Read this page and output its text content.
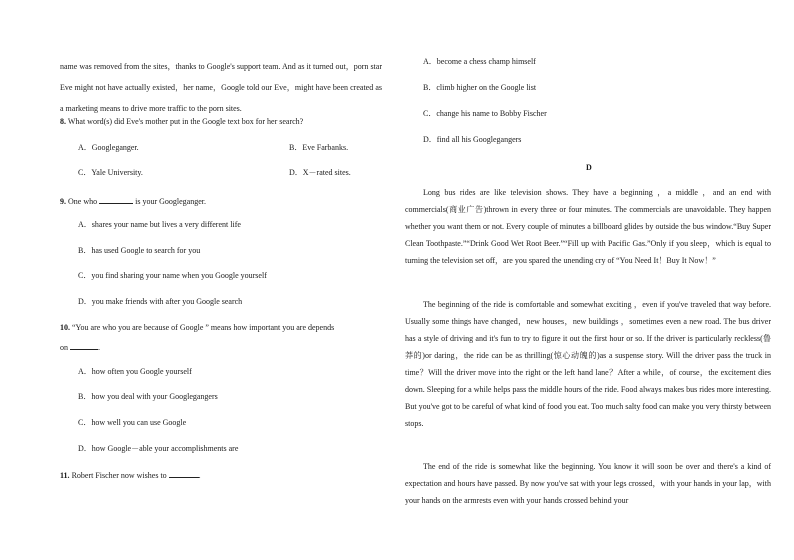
name was removed from the sites，thanks to Google's support team. And as it turned out，porn star Eve might not have actually existed，her name，Google told our Eve，might have been created as a marketing means to drive more traffic to the porn sites.
8. What word(s) did Eve's mother put in the Google text box for her search?
A．Googleganger.	B．Eve Farbanks.
C．Yale University.	D．X－rated sites.
9. One who	is your Googleganger.
A．shares your name but lives a very different life
B．has used Google to search for you
C．you find sharing your name when you Google yourself
D．you make friends with after you Google search
10. “You are who you are because of Google ” means how important you are depends
on	.
A．how often you Google yourself
B．how you deal with your Googlegangers
C．how well you can use Google
D．how Google－able your accomplishments are
11. Robert Fischer now wishes to	.
A．become a chess champ himself
B．climb higher on the Google list
C．change his name to Bobby Fischer
D．find all his Googlegangers
D
Long bus rides are like television shows. They have a beginning ，a middle ，and an end with commercials(商业广告)thrown in every three or four minutes. The commercials are unavoidable. They happen whether you want them or not. Every couple of minutes a billboard glides by outside the bus window.“Buy Super Clean Toothpaste.”“Drink Good Wet Root Beer.”“Fill up with Pacific Gas.”Only if you sleep，which is equal to turning the television set off，are you spared the unending cry of “You Need It！Buy It Now！”
The beginning of the ride is comfortable and somewhat exciting ，even if you've traveled that way before. Usually some things have changed，new houses，new buildings ，sometimes even a new road. The bus driver has a style of driving and it's fun to try to figure it out the first hour or so. If the driver is particularly reckless(鲁莽的)or daring，the ride can be as thrilling(惊心动魄的)as a suspense story. Will the driver pass the truck in time？Will the driver move into the right or the left hand lane？After a while，of course，the excitement dies down. Sleeping for a while helps pass the middle hours of the ride. Food always makes bus rides more interesting. But you've got to be careful of what kind of food you eat. Too much salty food can make you very thirsty between stops.
The end of the ride is somewhat like the beginning. You know it will soon be over and there's a kind of expectation and hours have passed. By now you've sat with your legs crossed，with your hands in your lap，with your hands on the armrests even with your hands crossed behind your
